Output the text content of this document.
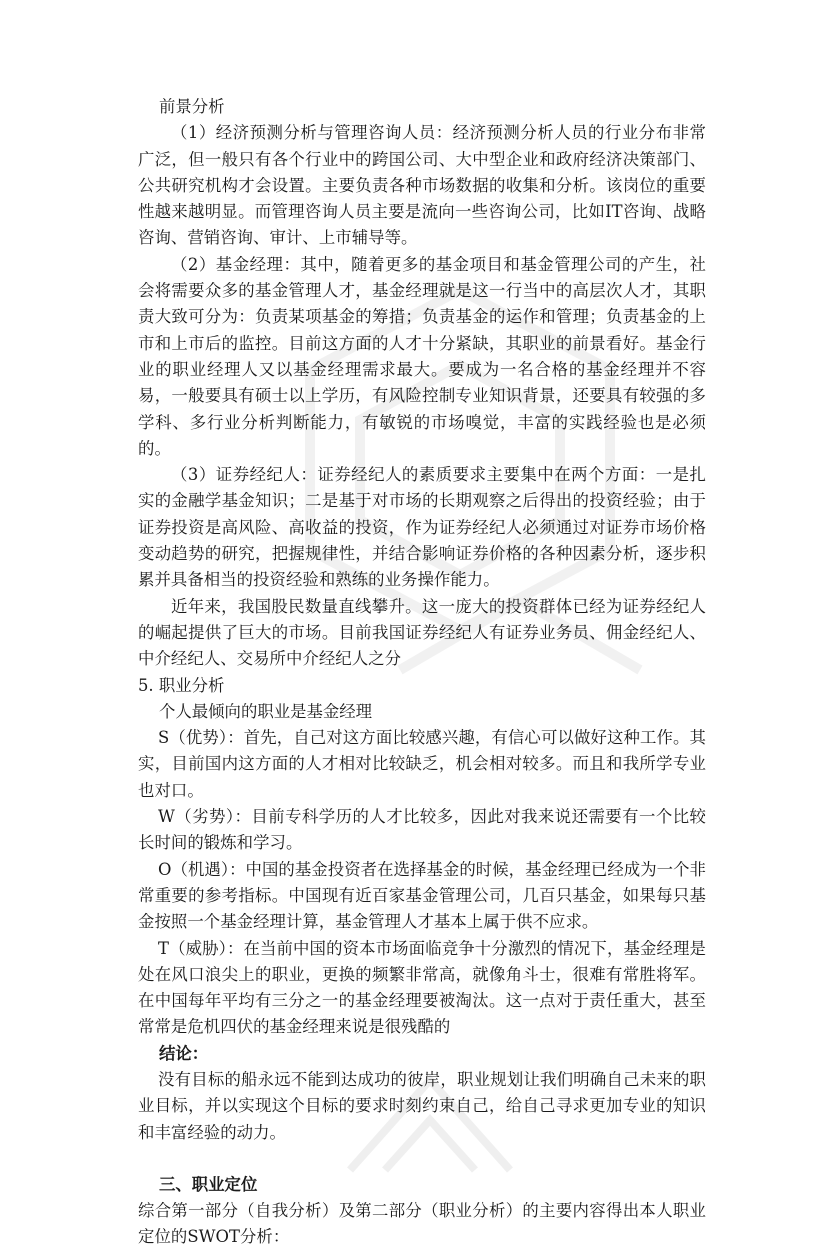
前景分析

（1）经济预测分析与管理咨询人员：经济预测分析人员的行业分布非常广泛，但一般只有各个行业中的跨国公司、大中型企业和政府经济决策部门、公共研究机构才会设置。主要负责各种市场数据的收集和分析。该岗位的重要性越来越明显。而管理咨询人员主要是流向一些咨询公司，比如IT咨询、战略咨询、营销咨询、审计、上市辅导等。

（2）基金经理：其中，随着更多的基金项目和基金管理公司的产生，社会将需要众多的基金管理人才，基金经理就是这一行当中的高层次人才，其职责大致可分为：负责某项基金的筹措；负责基金的运作和管理；负责基金的上市和上市后的监控。目前这方面的人才十分紧缺，其职业的前景看好。基金行业的职业经理人又以基金经理需求最大。要成为一名合格的基金经理并不容易，一般要具有硕士以上学历，有风险控制专业知识背景，还要具有较强的多学科、多行业分析判断能力，有敏锐的市场嗅觉，丰富的实践经验也是必须的。

（3）证券经纪人：证券经纪人的素质要求主要集中在两个方面：一是扎实的金融学基金知识；二是基于对市场的长期观察之后得出的投资经验；由于证券投资是高风险、高收益的投资，作为证券经纪人必须通过对证券市场价格变动趋势的研究，把握规律性，并结合影响证券价格的各种因素分析，逐步积累并具备相当的投资经验和熟练的业务操作能力。

近年来，我国股民数量直线攀升。这一庞大的投资群体已经为证券经纪人的崛起提供了巨大的市场。目前我国证券经纪人有证券业务员、佣金经纪人、中介经纪人、交易所中介经纪人之分

5. 职业分析

个人最倾向的职业是基金经理

S（优势）：首先，自己对这方面比较感兴趣，有信心可以做好这种工作。其实，目前国内这方面的人才相对比较缺乏，机会相对较多。而且和我所学专业也对口。

W（劣势）：目前专科学历的人才比较多，因此对我来说还需要有一个比较长时间的锻炼和学习。

O（机遇）：中国的基金投资者在选择基金的时候，基金经理已经成为一个非常重要的参考指标。中国现有近百家基金管理公司，几百只基金，如果每只基金按照一个基金经理计算，基金管理人才基本上属于供不应求。

T（威胁）：在当前中国的资本市场面临竞争十分激烈的情况下，基金经理是处在风口浪尖上的职业，更换的频繁非常高，就像角斗士，很难有常胜将军。在中国每年平均有三分之一的基金经理要被淘汰。这一点对于责任重大，甚至常常是危机四伏的基金经理来说是很残酷的

结论：

没有目标的船永远不能到达成功的彼岸，职业规划让我们明确自己未来的职业目标，并以实现这个目标的要求时刻约束自己，给自己寻求更加专业的知识和丰富经验的动力。

三、职业定位

综合第一部分（自我分析）及第二部分（职业分析）的主要内容得出本人职业定位的SWOT分析：
